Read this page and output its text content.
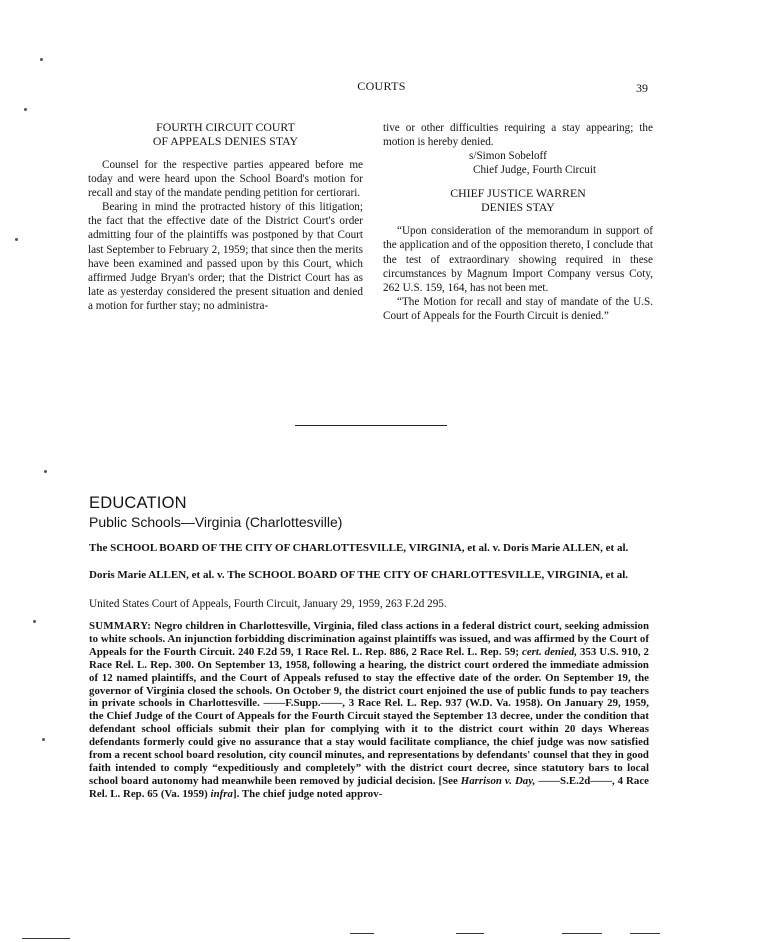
COURTS	39
FOURTH CIRCUIT COURT
OF APPEALS DENIES STAY

Counsel for the respective parties appeared before me today and were heard upon the School Board's motion for recall and stay of the mandate pending petition for certiorari.

Bearing in mind the protracted history of this litigation; the fact that the effective date of the District Court's order admitting four of the plaintiffs was postponed by that Court last September to February 2, 1959; that since then the merits have been examined and passed upon by this Court, which affirmed Judge Bryan's order; that the District Court has as late as yesterday considered the present situation and denied a motion for further stay; no administra-

tive or other difficulties requiring a stay appearing; the motion is hereby denied.

s/Simon Sobeloff
Chief Judge, Fourth Circuit
CHIEF JUSTICE WARREN
DENIES STAY

“Upon consideration of the memorandum in support of the application and of the opposition thereto, I conclude that the test of extraordinary showing required in these circumstances by Magnum Import Company versus Coty, 262 U.S. 159, 164, has not been met.

“The Motion for recall and stay of mandate of the U.S. Court of Appeals for the Fourth Circuit is denied.”

EDUCATION
Public Schools—Virginia (Charlottesville)
The SCHOOL BOARD OF THE CITY OF CHARLOTTESVILLE, VIRGINIA, et al. v. Doris Marie ALLEN, et al.
Doris Marie ALLEN, et al. v. The SCHOOL BOARD OF THE CITY OF CHARLOTTESVILLE, VIRGINIA, et al.
United States Court of Appeals, Fourth Circuit, January 29, 1959, 263 F.2d 295.
SUMMARY: Negro children in Charlottesville, Virginia, filed class actions in a federal district court, seeking admission to white schools. An injunction forbidding discrimination against plaintiffs was issued, and was affirmed by the Court of Appeals for the Fourth Circuit. 240 F.2d 59, 1 Race Rel. L. Rep. 886, 2 Race Rel. L. Rep. 59; cert. denied, 353 U.S. 910, 2 Race Rel. L. Rep. 300. On September 13, 1958, following a hearing, the district court ordered the immediate admission of 12 named plaintiffs, and the Court of Appeals refused to stay the effective date of the order. On September 19, the governor of Virginia closed the schools. On October 9, the district court enjoined the use of public funds to pay teachers in private schools in Charlottesville. ——F.Supp.——, 3 Race Rel. L. Rep. 937 (W.D. Va. 1958). On January 29, 1959, the Chief Judge of the Court of Appeals for the Fourth Circuit stayed the September 13 decree, under the condition that defendant school officials submit their plan for complying with it to the district court within 20 days Whereas defendants formerly could give no assurance that a stay would facilitate compliance, the chief judge was now satisfied from a recent school board resolution, city council minutes, and representations by defendants' counsel that they in good faith intended to comply “expeditiously and completely” with the district court decree, since statutory bars to local school board autonomy had meanwhile been removed by judicial decision. [See Harrison v. Day, ——S.E.2d——, 4 Race Rel. L. Rep. 65 (Va. 1959) infra]. The chief judge noted approv-
